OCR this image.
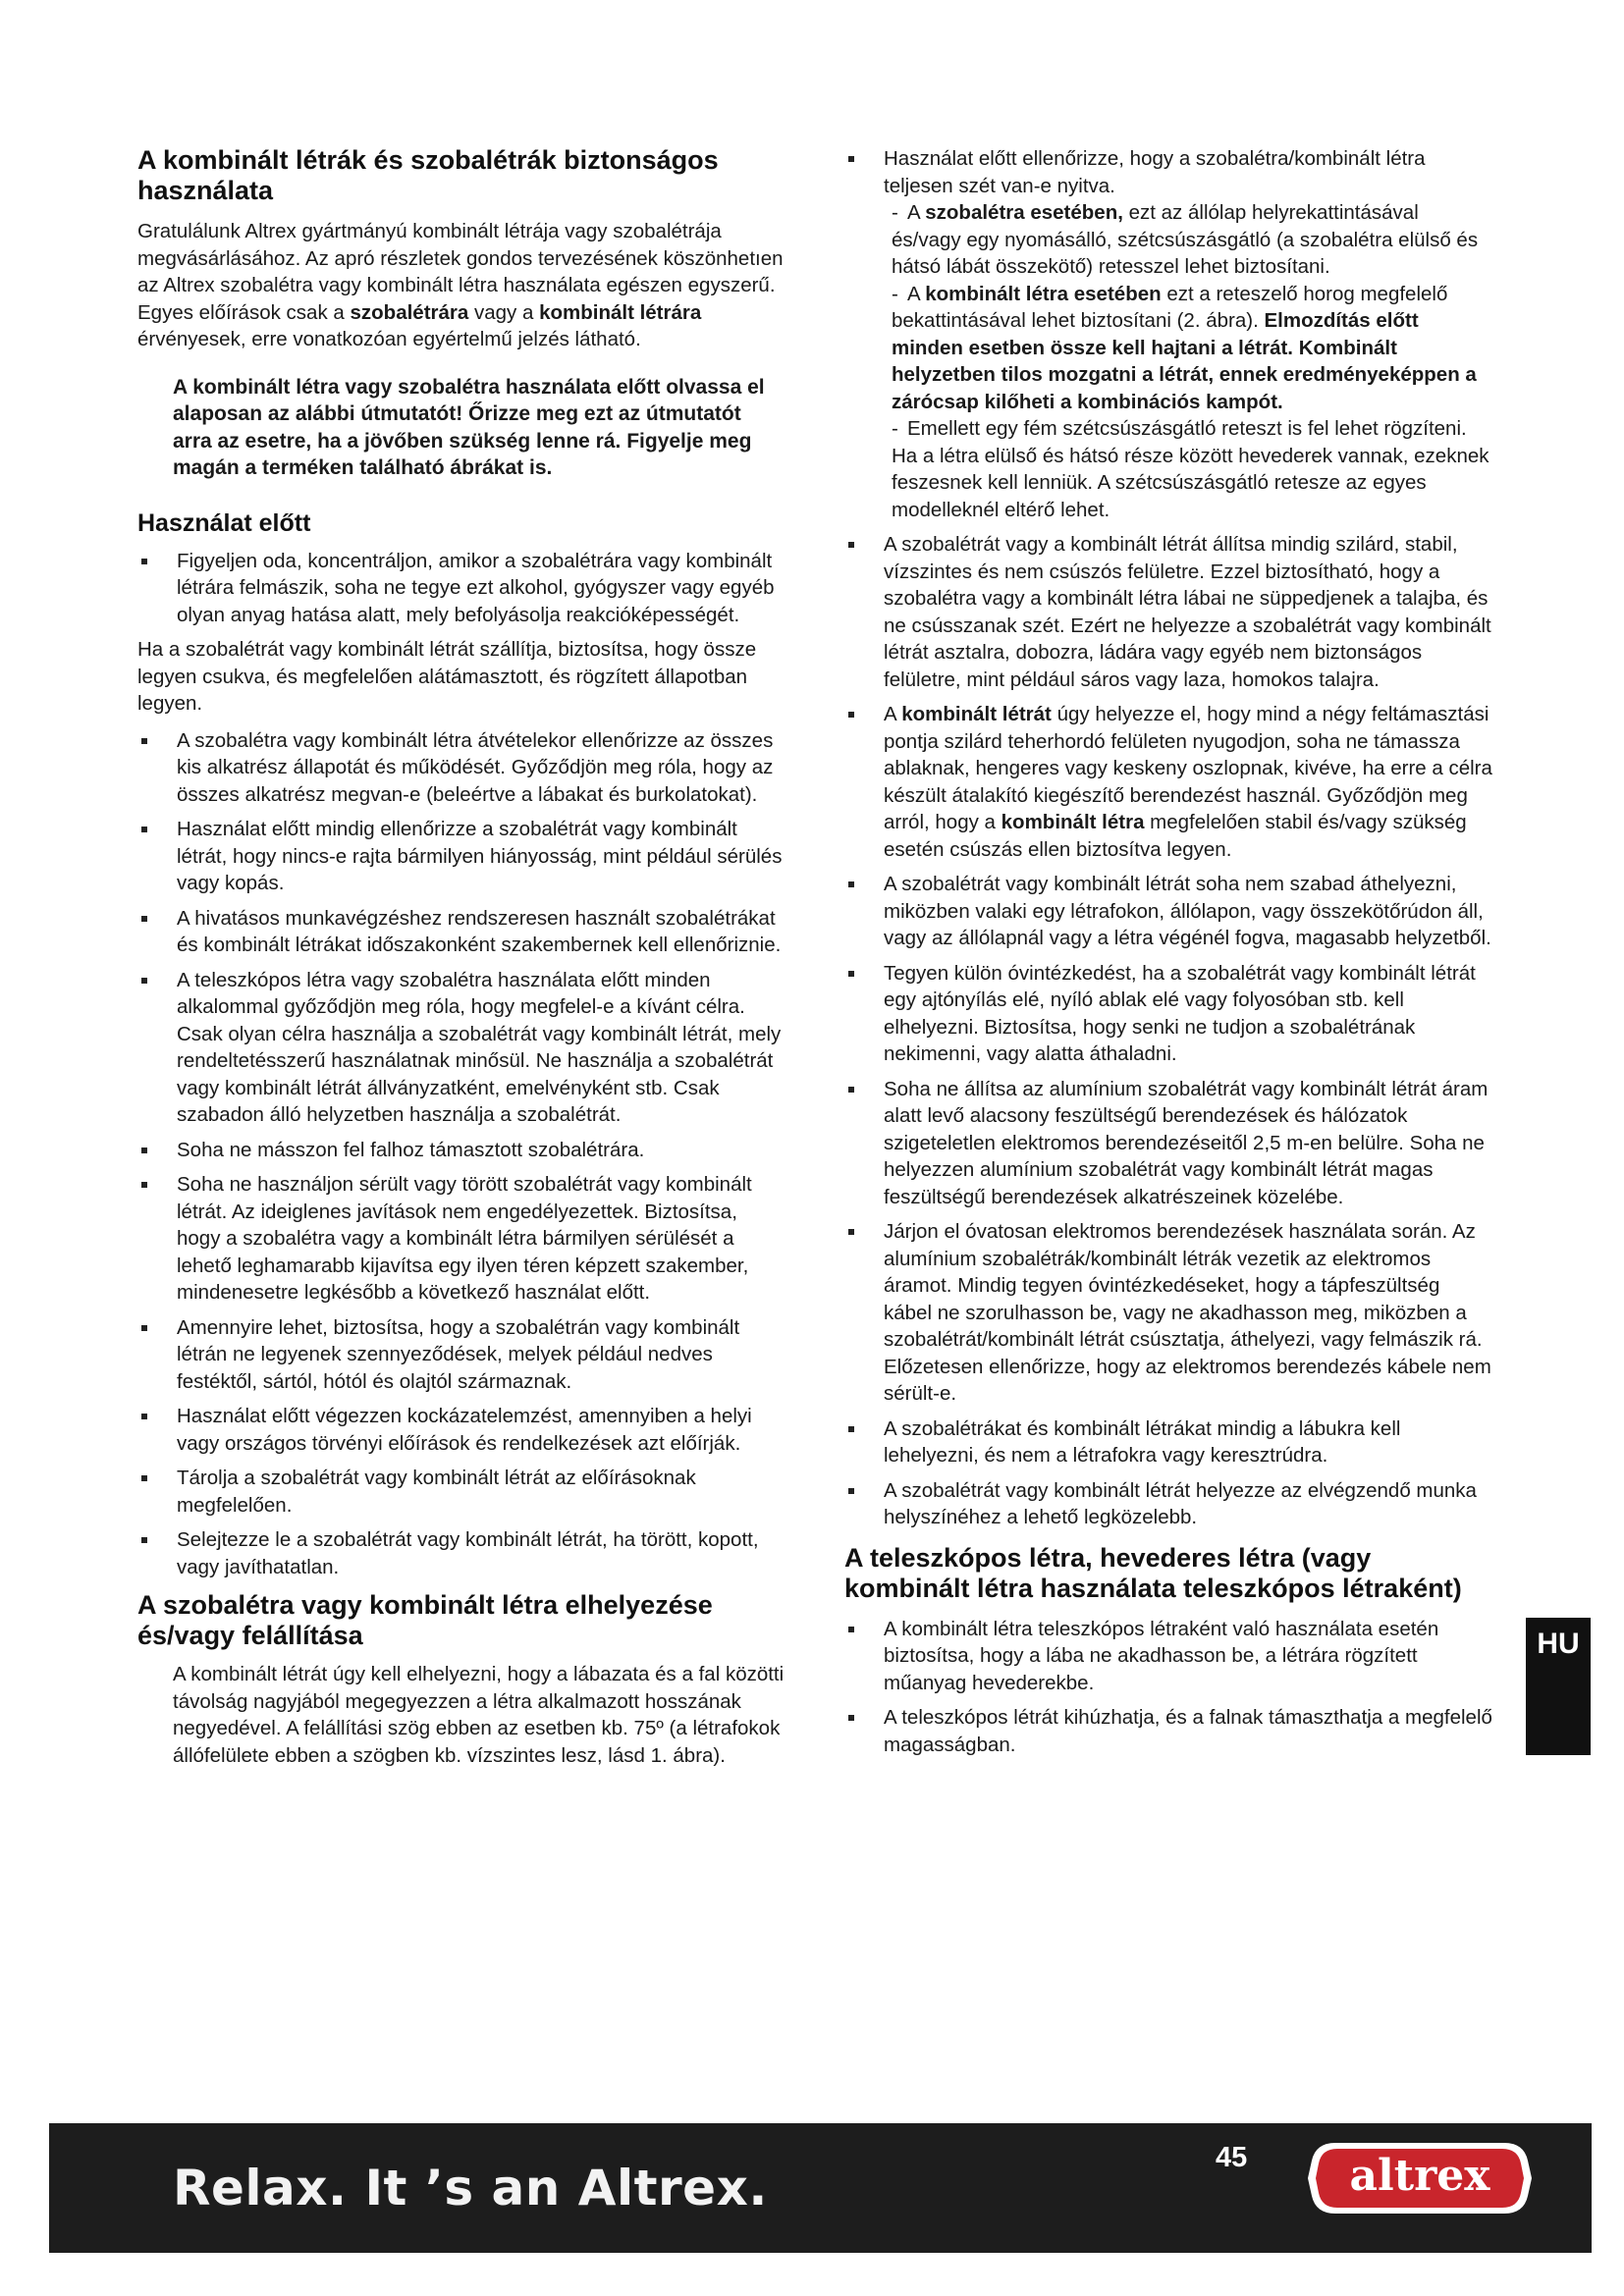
A kombinált létrák és szobalétrák biztonságos használata

Gratulálunk Altrex gyártmányú kombinált létrája vagy szobalétrája megvásárlásához. Az apró részletek gondos tervezésének köszönhetıen az Altrex szobalétra vagy kombinált létra használata egészen egyszerű. Egyes előírások csak a szobalétrára vagy a kombinált létrára érvényesek, erre vonatkozóan egyértelmű jelzés látható.

A kombinált létra vagy szobalétra használata előtt olvassa el alaposan az alábbi útmutatót! Őrizze meg ezt az útmutatót arra az esetre, ha a jövőben szükség lenne rá. Figyelje meg magán a terméken található ábrákat is.

Használat előtt
Figyeljen oda, koncentráljon, amikor a szobalétrára vagy kombinált létrára felmászik, soha ne tegye ezt alkohol, gyógyszer vagy egyéb olyan anyag hatása alatt, mely befolyásolja reakcióképességét.

Ha a szobalétrát vagy kombinált létrát szállítja, biztosítsa, hogy össze legyen csukva, és megfelelően alátámasztott, és rögzített állapotban legyen.

A szobalétra vagy kombinált létra átvételekor ellenőrizze az összes kis alkatrész állapotát és működését. Győződjön meg róla, hogy az összes alkatrész megvan-e (beleértve a lábakat és burkolatokat).
Használat előtt mindig ellenőrizze a szobalétrát vagy kombinált létrát, hogy nincs-e rajta bármilyen hiányosság, mint például sérülés vagy kopás.
A hivatásos munkavégzéshez rendszeresen használt szobalétrákat és kombinált létrákat időszakonként szakembernek kell ellenőriznie.
A teleszkópos létra vagy szobalétra használata előtt minden alkalommal győződjön meg róla, hogy megfelel-e a kívánt célra. Csak olyan célra használja a szobalétrát vagy kombinált létrát, mely rendeltetésszerű használatnak minősül. Ne használja a szobalétrát vagy kombinált létrát állványzatként, emelvényként stb. Csak szabadon álló helyzetben használja a szobalétrát.
Soha ne másszon fel falhoz támasztott szobalétrára.
Soha ne használjon sérült vagy törött szobalétrát vagy kombinált létrát. Az ideiglenes javítások nem engedélyezettek. Biztosítsa, hogy a szobalétra vagy a kombinált létra bármilyen sérülését a lehető leghamarabb kijavítsa egy ilyen téren képzett szakember, mindenesetre legkésőbb a következő használat előtt.
Amennyire lehet, biztosítsa, hogy a szobalétrán vagy kombinált létrán ne legyenek szennyeződések, melyek például nedves festéktől, sártól, hótól és olajtól származnak.
Használat előtt végezzen kockázatelemzést, amennyiben a helyi vagy országos törvényi előírások és rendelkezések azt előírják.
Tárolja a szobalétrát vagy kombinált létrát az előírásoknak megfelelően.
Selejtezze le a szobalétrát vagy kombinált létrát, ha törött, kopott, vagy javíthatatlan.
A szobalétra vagy kombinált létra elhelyezése és/vagy felállítása

A kombinált létrát úgy kell elhelyezni, hogy a lábazata és a fal közötti távolság nagyjából megegyezzen a létra alkalmazott hosszának negyedével. A felállítási szög ebben az esetben kb. 75º (a létrafokok állófelülete ebben a szögben kb. vízszintes lesz, lásd 1. ábra).

Használat előtt ellenőrizze, hogy a szobalétra/kombinált létra teljesen szét van-e nyitva.
- A szobalétra esetében, ezt az állólap helyrekattintásával és/vagy egy nyomásálló, szétcsúszásgátló (a szobalétra elülső és hátsó lábát összekötő) retesszel lehet biztosítani.
- A kombinált létra esetében ezt a reteszelő horog megfelelő bekattintásával lehet biztosítani (2. ábra). Elmozdítás előtt minden esetben össze kell hajtani a létrát. Kombinált helyzetben tilos mozgatni a létrát, ennek eredményeképpen a zárócsap kilőheti a kombinációs kampót.
- Emellett egy fém szétcsúszásgátló reteszt is fel lehet rögzíteni. Ha a létra elülső és hátsó része között hevederek vannak, ezeknek feszesnek kell lenniük. A szétcsúszásgátló retesze az egyes modelleknél eltérő lehet.
A szobalétrát vagy a kombinált létrát állítsa mindig szilárd, stabil, vízszintes és nem csúszós felületre. Ezzel biztosítható, hogy a szobalétra vagy a kombinált létra lábai ne süppedjenek a talajba, és ne csússzanak szét. Ezért ne helyezze a szobalétrát vagy kombinált létrát asztalra, dobozra, ládára vagy egyéb nem biztonságos felületre, mint például sáros vagy laza, homokos talajra.
A kombinált létrát úgy helyezze el, hogy mind a négy feltámasztási pontja szilárd teherhordó felületen nyugodjon, soha ne támassza ablaknak, hengeres vagy keskeny oszlopnak, kivéve, ha erre a célra készült átalakító kiegészítő berendezést használ. Győződjön meg arról, hogy a kombinált létra megfelelően stabil és/vagy szükség esetén csúszás ellen biztosítva legyen.
A szobalétrát vagy kombinált létrát soha nem szabad áthelyezni, miközben valaki egy létrafokon, állólapon, vagy összekötőrúdon áll, vagy az állólapnál vagy a létra végénél fogva, magasabb helyzetből.
Tegyen külön óvintézkedést, ha a szobalétrát vagy kombinált létrát egy ajtónyílás elé, nyíló ablak elé vagy folyosóban stb. kell elhelyezni. Biztosítsa, hogy senki ne tudjon a szobalétrának nekimenni, vagy alatta áthaladni.
Soha ne állítsa az alumínium szobalétrát vagy kombinált létrát áram alatt levő alacsony feszültségű berendezések és hálózatok szigeteletlen elektromos berendezéseitől 2,5 m-en belülre. Soha ne helyezzen alumínium szobalétrát vagy kombinált létrát magas feszültségű berendezések alkatrészeinek közelébe.
Járjon el óvatosan elektromos berendezések használata során. Az alumínium szobalétrák/kombinált létrák vezetik az elektromos áramot. Mindig tegyen óvintézkedéseket, hogy a tápfeszültség kábel ne szorulhasson be, vagy ne akadhasson meg, miközben a szobalétrát/kombinált létrát csúsztatja, áthelyezi, vagy felmászik rá. Előzetesen ellenőrizze, hogy az elektromos berendezés kábele nem sérült-e.
A szobalétrákat és kombinált létrákat mindig a lábukra kell lehelyezni, és nem a létrafokra vagy keresztrúdra.
A szobalétrát vagy kombinált létrát helyezze az elvégzendő munka helyszínéhez a lehető legközelebb.
A teleszkópos létra, hevederes létra (vagy kombinált létra használata teleszkópos létraként)
A kombinált létra teleszkópos létraként való használata esetén biztosítsa, hogy a lába ne akadhasson be, a létrára rögzített műanyag hevederekbe.
A teleszkópos létrát kihúzhatja, és a falnak támaszthatja a megfelelő magasságban.
HU
Relax. It ’s an Altrex.
45	altrex
